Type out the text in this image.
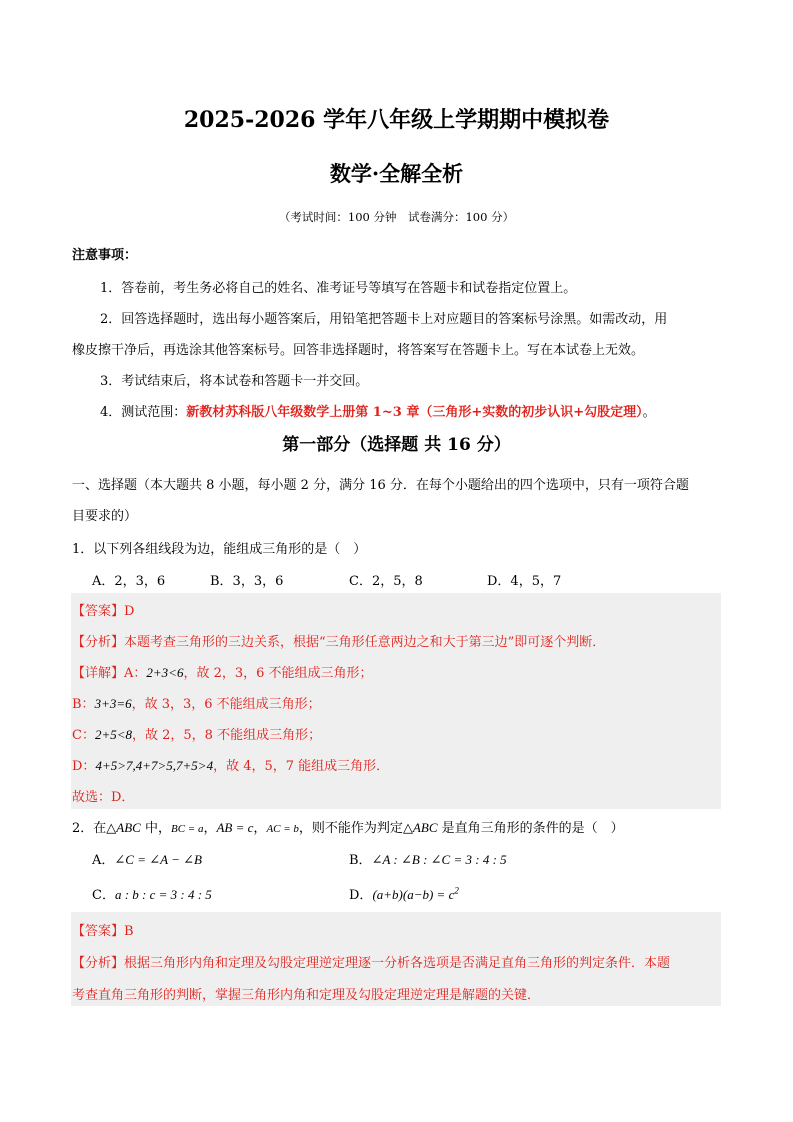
2025-2026 学年八年级上学期期中模拟卷
数学·全解全析
（考试时间：100 分钟　试卷满分：100 分）
注意事项：
1．答卷前，考生务必将自己的姓名、准考证号等填写在答题卡和试卷指定位置上。
2．回答选择题时，选出每小题答案后，用铅笔把答题卡上对应题目的答案标号涂黑。如需改动，用
橡皮擦干净后，再选涂其他答案标号。回答非选择题时，将答案写在答题卡上。写在本试卷上无效。
3．考试结束后，将本试卷和答题卡一并交回。
4．测试范围：新教材苏科版八年级数学上册第 1~3 章（三角形+实数的初步认识+勾股定理）。
第一部分（选择题 共 16 分）
一、选择题（本大题共 8 小题，每小题 2 分，满分 16 分．在每个小题给出的四个选项中，只有一项符合题
目要求的）
1．以下列各组线段为边，能组成三角形的是（　）
A．2，3，6	B．3，3，6	C．2，5，8	D．4，5，7
【答案】D
【分析】本题考查三角形的三边关系，根据“三角形任意两边之和大于第三边”即可逐个判断．
【详解】A：2+3<6，故 2，3，6 不能组成三角形；
B：3+3=6，故 3，3，6 不能组成三角形；
C：2+5<8，故 2，5，8 不能组成三角形；
D：4+5>7,4+7>5,7+5>4，故 4，5，7 能组成三角形．
故选：D．
2．在△ABC 中，BC = a，AB = c，AC = b，则不能作为判定△ABC 是直角三角形的条件的是（　）
A．∠C = ∠A − ∠B	B．∠A : ∠B : ∠C = 3 : 4 : 5
C．a : b : c = 3 : 4 : 5	D．$(a+b)(a-b) = c^2$
【答案】B
【分析】根据三角形内角和定理及勾股定理逆定理逐一分析各选项是否满足直角三角形的判定条件．本题
考查直角三角形的判断，掌握三角形内角和定理及勾股定理逆定理是解题的关键．
